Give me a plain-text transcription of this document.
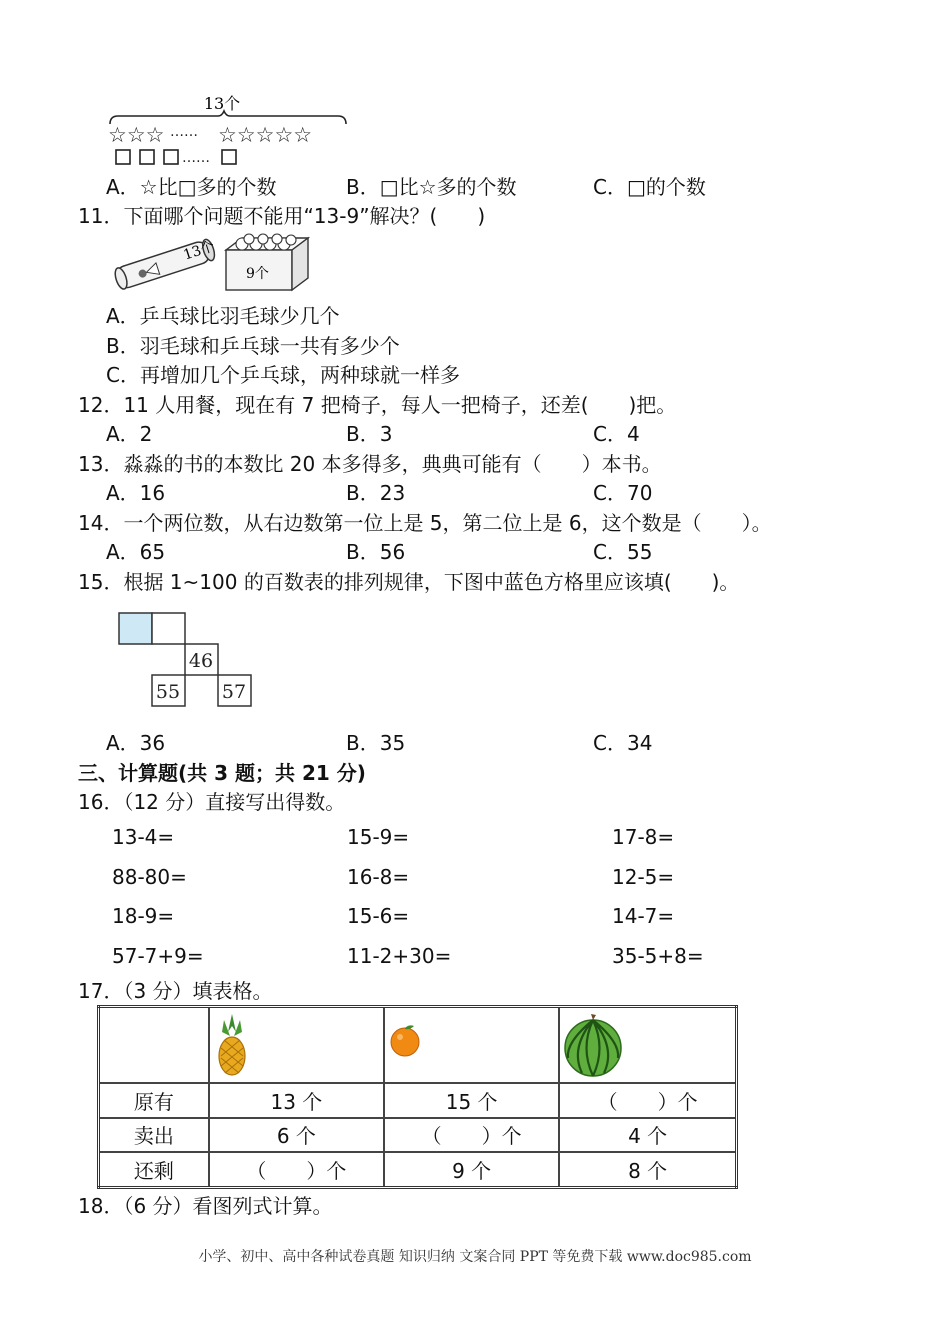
13个
☆☆☆ …… ☆☆☆☆☆
……
A．☆比□多的个数	B．□比☆多的个数	C．□的个数
11．下面哪个问题不能用“13-9”解决？(　　)
13个
9个
A．乒乓球比羽毛球少几个
B．羽毛球和乒乓球一共有多少个
C．再增加几个乒乓球，两种球就一样多
12．11 人用餐，现在有 7 把椅子，每人一把椅子，还差(　　)把。
A．2	B．3	C．4
13．淼淼的书的本数比 20 本多得多，典典可能有（　　）本书。
A．16	B．23	C．70
14．一个两位数，从右边数第一位上是 5，第二位上是 6，这个数是（　　）。
A．65	B．56	C．55
15．根据 1~100 的百数表的排列规律，下图中蓝色方格里应该填(　　)。
46
55 57
A．36	B．35	C．34
三、计算题(共 3 题；共 21 分)
16．（12 分）直接写出得数。
13-4=	15-9=	17-8=
88-80=	16-8=	12-5=
18-9=	15-6=	14-7=
57-7+9=	11-2+30=	35-5+8=
17．（3 分）填表格。

原有	13 个	15 个	（　　）个
卖出	6 个	（　　）个	4 个
还剩	（　　）个	9 个	8 个
18．（6 分）看图列式计算。
小学、初中、高中各种试卷真题 知识归纳 文案合同 PPT 等免费下载 www.doc985.com
